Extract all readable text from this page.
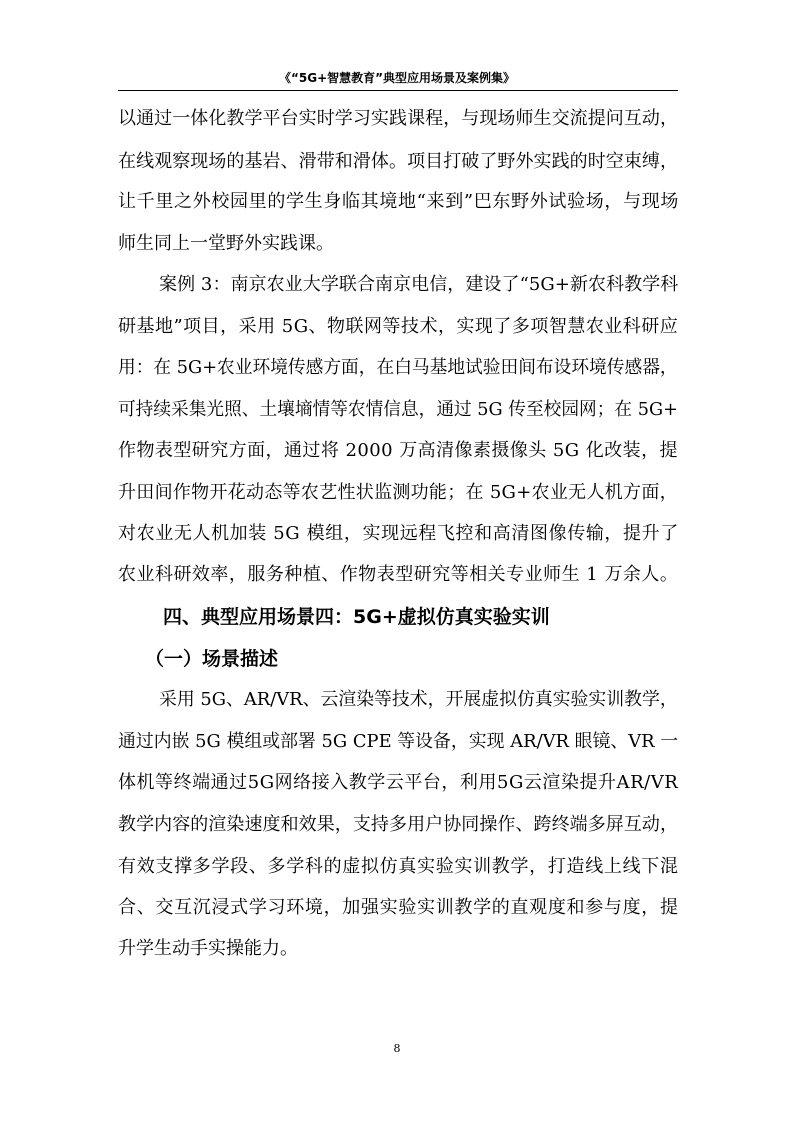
《“5G+智慧教育”典型应用场景及案例集》
以通过一体化教学平台实时学习实践课程，与现场师生交流提问互动，
在线观察现场的基岩、滑带和滑体。项目打破了野外实践的时空束缚，
让千里之外校园里的学生身临其境地“来到”巴东野外试验场，与现场
师生同上一堂野外实践课。
案例 3：南京农业大学联合南京电信，建设了“5G+新农科教学科
研基地”项目，采用 5G、物联网等技术，实现了多项智慧农业科研应
用：在 5G+农业环境传感方面，在白马基地试验田间布设环境传感器，
可持续采集光照、土壤墒情等农情信息，通过 5G 传至校园网；在 5G+
作物表型研究方面，通过将 2000 万高清像素摄像头 5G 化改装，提
升田间作物开花动态等农艺性状监测功能；在 5G+农业无人机方面，
对农业无人机加装 5G 模组，实现远程飞控和高清图像传输，提升了
农业科研效率，服务种植、作物表型研究等相关专业师生 1 万余人。
四、典型应用场景四：5G+虚拟仿真实验实训
（一）场景描述
采用 5G、AR/VR、云渲染等技术，开展虚拟仿真实验实训教学，
通过内嵌 5G 模组或部署 5G CPE 等设备，实现 AR/VR 眼镜、VR 一
体机等终端通过5G网络接入教学云平台，利用5G云渲染提升AR/VR
教学内容的渲染速度和效果，支持多用户协同操作、跨终端多屏互动，
有效支撑多学段、多学科的虚拟仿真实验实训教学，打造线上线下混
合、交互沉浸式学习环境，加强实验实训教学的直观度和参与度，提
升学生动手实操能力。
8
